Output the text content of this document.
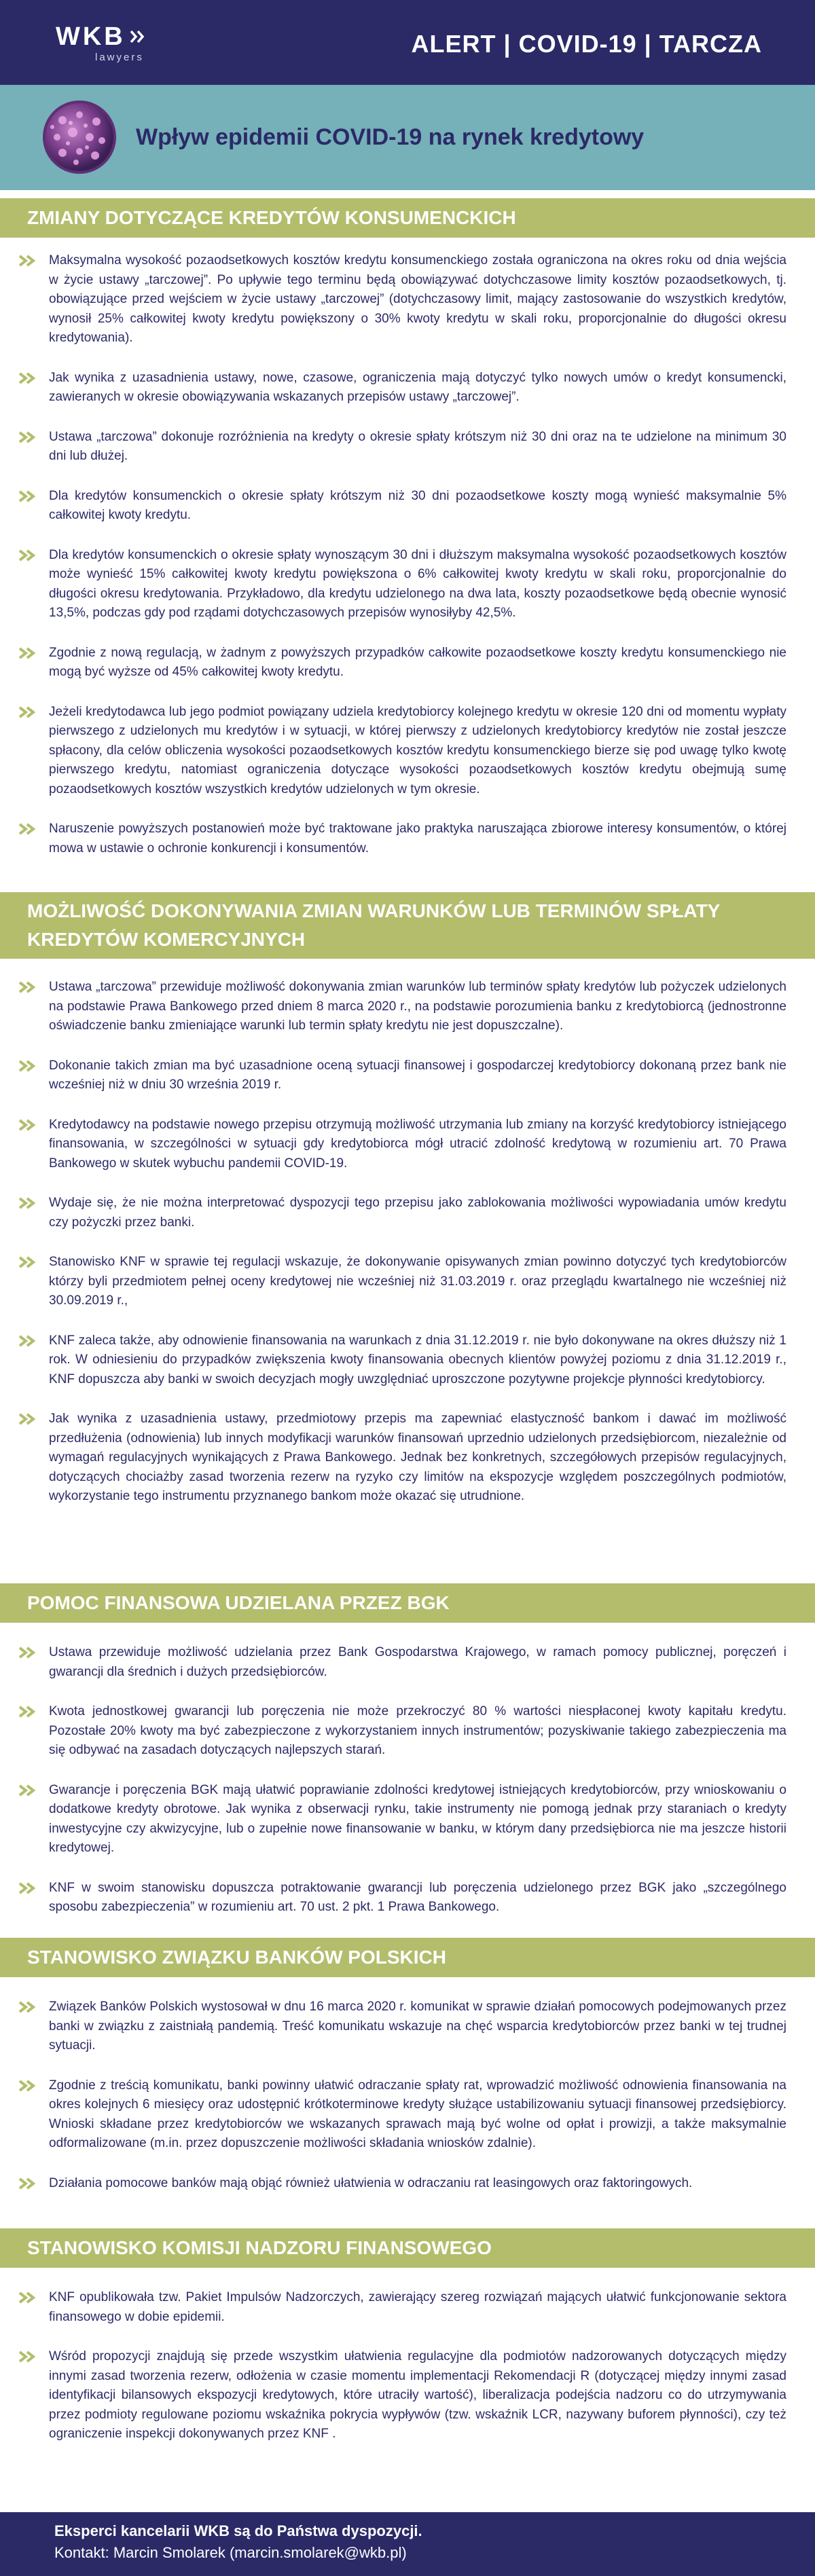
WKB
lawyers	ALERT | COVID-19 | TARCZA
Wpływ epidemii COVID-19 na rynek kredytowy
ZMIANY DOTYCZĄCE KREDYTÓW KONSUMENCKICH
Maksymalna wysokość pozaodsetkowych kosztów kredytu konsumenckiego została ograniczona na okres roku od dnia wejścia w życie ustawy „tarczowej”. Po upływie tego terminu będą obowiązywać dotychczasowe limity kosztów pozaodsetkowych, tj. obowiązujące przed wejściem w życie ustawy „tarczowej” (dotychczasowy limit, mający zastosowanie do wszystkich kredytów, wynosił 25% całkowitej kwoty kredytu powiększony o 30% kwoty kredytu w skali roku, proporcjonalnie do długości okresu kredytowania).
Jak wynika z uzasadnienia ustawy, nowe, czasowe, ograniczenia mają dotyczyć tylko nowych umów o kredyt konsumencki, zawieranych w okresie obowiązywania wskazanych przepisów ustawy „tarczowej”.
Ustawa „tarczowa” dokonuje rozróżnienia na kredyty o okresie spłaty krótszym niż 30 dni oraz na te udzielone na minimum 30 dni lub dłużej.
Dla kredytów konsumenckich o okresie spłaty krótszym niż 30 dni pozaodsetkowe koszty mogą wynieść maksymalnie 5% całkowitej kwoty kredytu.
Dla kredytów konsumenckich o okresie spłaty wynoszącym 30 dni i dłuższym maksymalna wysokość pozaodsetkowych kosztów może wynieść 15% całkowitej kwoty kredytu powiększona o 6% całkowitej kwoty kredytu w skali roku, proporcjonalnie do długości okresu kredytowania. Przykładowo, dla kredytu udzielonego na dwa lata, koszty pozaodsetkowe będą obecnie wynosić 13,5%, podczas gdy pod rządami dotychczasowych przepisów wynosiłyby 42,5%.
Zgodnie z nową regulacją, w żadnym z powyższych przypadków całkowite pozaodsetkowe koszty kredytu konsumenckiego nie mogą być wyższe od 45% całkowitej kwoty kredytu.
Jeżeli kredytodawca lub jego podmiot powiązany udziela kredytobiorcy kolejnego kredytu w okresie 120 dni od momentu wypłaty pierwszego z udzielonych mu kredytów i w sytuacji, w której pierwszy z udzielonych kredytobiorcy kredytów nie został jeszcze spłacony, dla celów obliczenia wysokości pozaodsetkowych kosztów kredytu konsumenckiego bierze się pod uwagę tylko kwotę pierwszego kredytu, natomiast ograniczenia dotyczące wysokości pozaodsetkowych kosztów kredytu obejmują sumę pozaodsetkowych kosztów wszystkich kredytów udzielonych w tym okresie.
Naruszenie powyższych postanowień może być traktowane jako praktyka naruszająca zbiorowe interesy konsumentów, o której mowa w ustawie o ochronie konkurencji i konsumentów.
MOŻLIWOŚĆ DOKONYWANIA ZMIAN WARUNKÓW LUB TERMINÓW SPŁATY KREDYTÓW KOMERCYJNYCH
Ustawa „tarczowa” przewiduje możliwość dokonywania zmian warunków lub terminów spłaty kredytów lub pożyczek udzielonych na podstawie Prawa Bankowego przed dniem 8 marca 2020 r., na podstawie porozumienia banku z kredytobiorcą (jednostronne oświadczenie banku zmieniające warunki lub termin spłaty kredytu nie jest dopuszczalne).
Dokonanie takich zmian ma być uzasadnione oceną sytuacji finansowej i gospodarczej kredytobiorcy dokonaną przez bank nie wcześniej niż w dniu 30 września 2019 r.
Kredytodawcy na podstawie nowego przepisu otrzymują możliwość utrzymania lub zmiany na korzyść kredytobiorcy istniejącego finansowania, w szczególności w sytuacji gdy kredytobiorca mógł utracić zdolność kredytową w rozumieniu art. 70 Prawa Bankowego w skutek wybuchu pandemii COVID-19.
Wydaje się, że nie można interpretować dyspozycji tego przepisu jako zablokowania możliwości wypowiadania umów kredytu czy pożyczki przez banki.
Stanowisko KNF w sprawie tej regulacji wskazuje, że dokonywanie opisywanych zmian powinno dotyczyć tych kredytobiorców którzy byli przedmiotem pełnej oceny kredytowej nie wcześniej niż 31.03.2019 r. oraz przeglądu kwartalnego nie wcześniej niż 30.09.2019 r.,
KNF zaleca także, aby odnowienie finansowania na warunkach z dnia 31.12.2019 r. nie było dokonywane na okres dłuższy niż 1 rok. W odniesieniu do przypadków zwiększenia kwoty finansowania obecnych klientów powyżej poziomu z dnia 31.12.2019 r., KNF dopuszcza aby banki w swoich decyzjach mogły uwzględniać uproszczone pozytywne projekcje płynności kredytobiorcy.
Jak wynika z uzasadnienia ustawy, przedmiotowy przepis ma zapewniać elastyczność bankom i dawać im możliwość przedłużenia (odnowienia) lub innych modyfikacji warunków finansowań uprzednio udzielonych przedsiębiorcom, niezależnie od wymagań regulacyjnych wynikających z Prawa Bankowego. Jednak bez konkretnych, szczegółowych przepisów regulacyjnych, dotyczących chociażby zasad tworzenia rezerw na ryzyko czy limitów na ekspozycje względem poszczególnych podmiotów, wykorzystanie tego instrumentu przyznanego bankom może okazać się utrudnione.
POMOC FINANSOWA UDZIELANA PRZEZ BGK
Ustawa przewiduje możliwość udzielania przez Bank Gospodarstwa Krajowego, w ramach pomocy publicznej, poręczeń i gwarancji dla średnich i dużych przedsiębiorców.
Kwota jednostkowej gwarancji lub poręczenia nie może przekroczyć 80 % wartości niespłaconej kwoty kapitału kredytu. Pozostałe 20% kwoty ma być zabezpieczone z wykorzystaniem innych instrumentów; pozyskiwanie takiego zabezpieczenia ma się odbywać na zasadach dotyczących najlepszych starań.
Gwarancje i poręczenia BGK mają ułatwić poprawianie zdolności kredytowej istniejących kredytobiorców, przy wnioskowaniu o dodatkowe kredyty obrotowe. Jak wynika z obserwacji rynku, takie instrumenty nie pomogą jednak przy staraniach o kredyty inwestycyjne czy akwizycyjne, lub o zupełnie nowe finansowanie w banku, w którym dany przedsiębiorca nie ma jeszcze historii kredytowej.
KNF w swoim stanowisku dopuszcza potraktowanie gwarancji lub poręczenia udzielonego przez BGK jako „szczególnego sposobu zabezpieczenia” w rozumieniu art. 70 ust. 2 pkt. 1 Prawa Bankowego.
STANOWISKO ZWIĄZKU BANKÓW POLSKICH
Związek Banków Polskich wystosował w dnu 16 marca 2020 r. komunikat w sprawie działań pomocowych podejmowanych przez banki w związku z zaistniałą pandemią. Treść komunikatu wskazuje na chęć wsparcia kredytobiorców przez banki w tej trudnej sytuacji.
Zgodnie z treścią komunikatu, banki powinny ułatwić odraczanie spłaty rat, wprowadzić możliwość odnowienia finansowania na okres kolejnych 6 miesięcy oraz udostępnić krótkoterminowe kredyty służące ustabilizowaniu sytuacji finansowej przedsiębiorcy. Wnioski składane przez kredytobiorców we wskazanych sprawach mają być wolne od opłat i prowizji, a także maksymalnie odformalizowane (m.in. przez dopuszczenie możliwości składania wniosków zdalnie).
Działania pomocowe banków mają objąć również ułatwienia w odraczaniu rat leasingowych oraz faktoringowych.
STANOWISKO KOMISJI NADZORU FINANSOWEGO
KNF opublikowała tzw. Pakiet Impulsów Nadzorczych, zawierający szereg rozwiązań mających ułatwić funkcjonowanie sektora finansowego w dobie epidemii.
Wśród propozycji znajdują się przede wszystkim ułatwienia regulacyjne dla podmiotów nadzorowanych dotyczących między innymi zasad tworzenia rezerw, odłożenia w czasie momentu implementacji Rekomendacji R (dotyczącej między innymi zasad identyfikacji bilansowych ekspozycji kredytowych, które utraciły wartość), liberalizacja podejścia nadzoru co do utrzymywania przez podmioty regulowane poziomu wskaźnika pokrycia wypływów (tzw. wskaźnik LCR, nazywany buforem płynności), czy też ograniczenie inspekcji dokonywanych przez KNF .
Eksperci kancelarii WKB są do Państwa dyspozycji.
Kontakt: Marcin Smolarek (marcin.smolarek@wkb.pl)
